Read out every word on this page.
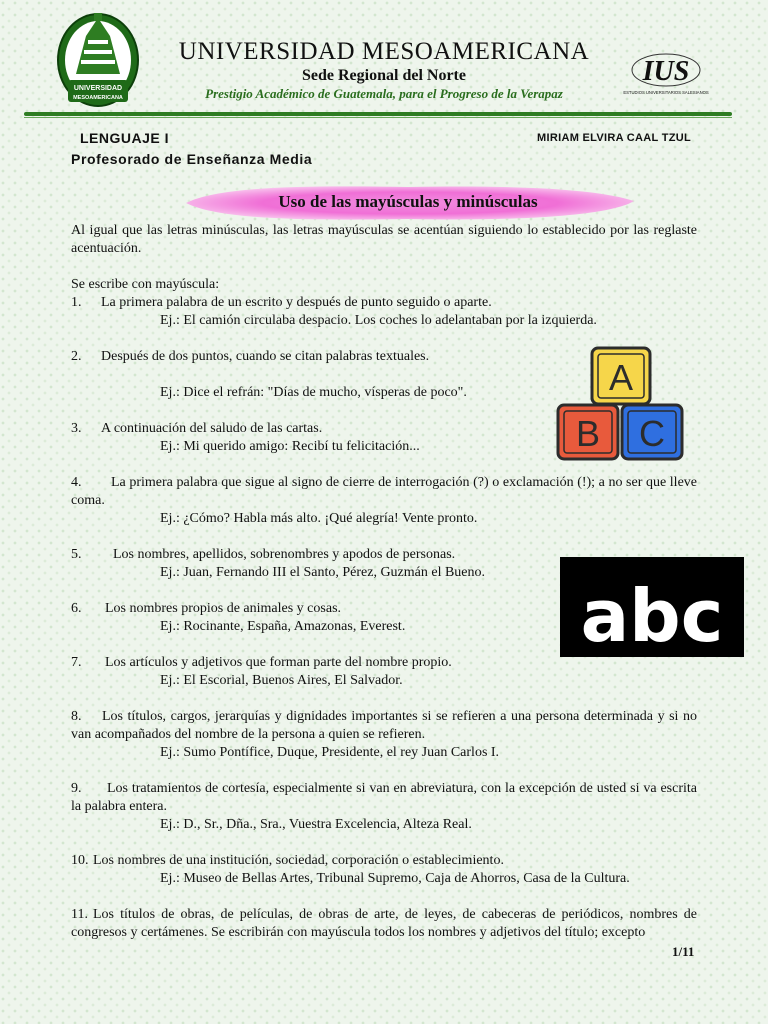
UNIVERSIDAD
MESOAMERICANA
UNIVERSIDAD MESOAMERICANA
Sede Regional del Norte
Prestigio Académico de Guatemala, para el Progreso de la Verapaz
IUS
ESTUDIOS UNIVERSITARIOS SALESIANOS
LENGUAJE I	MIRIAM ELVIRA CAAL TZUL
Profesorado de Enseñanza Media
Uso de las mayúsculas y minúsculas

Al igual que las letras minúsculas, las letras mayúsculas se acentúan siguiendo lo establecido por las reglaste acentuación.

Se escribe con mayúscula:

1. La primera palabra de un escrito y después de punto seguido o aparte.

Ej.: El camión circulaba despacio. Los coches lo adelantaban por la izquierda.

2. Después de dos puntos, cuando se citan palabras textuales.

Ej.: Dice el refrán: "Días de mucho, vísperas de poco".

3. A continuación del saludo de las cartas.

Ej.: Mi querido amigo: Recibí tu felicitación...

4. La primera palabra que sigue al signo de cierre de interrogación (?) o exclamación (!); a no ser que lleve coma.

Ej.: ¿Cómo? Habla más alto. ¡Qué alegría! Vente pronto.

5. Los nombres, apellidos, sobrenombres y apodos de personas.

Ej.: Juan, Fernando III el Santo, Pérez, Guzmán el Bueno.

6. Los nombres propios de animales y cosas.

Ej.: Rocinante, España, Amazonas, Everest.

7. Los artículos y adjetivos que forman parte del nombre propio.

Ej.: El Escorial, Buenos Aires, El Salvador.

8. Los títulos, cargos, jerarquías y dignidades importantes si se refieren a una persona determinada y si no van acompañados del nombre de la persona a quien se refieren.

Ej.: Sumo Pontífice, Duque, Presidente, el rey Juan Carlos I.

9. Los tratamientos de cortesía, especialmente si van en abreviatura, con la excepción de usted si va escrita la palabra entera.

Ej.: D., Sr., Dña., Sra., Vuestra Excelencia, Alteza Real.

10. Los nombres de una institución, sociedad, corporación o establecimiento.

Ej.: Museo de Bellas Artes, Tribunal Supremo, Caja de Ahorros, Casa de la Cultura.

11. Los títulos de obras, de películas, de obras de arte, de leyes, de cabeceras de periódicos, nombres de congresos y certámenes. Se escribirán con mayúscula todos los nombres y adjetivos del título; excepto

A
B C
abc
1/11
